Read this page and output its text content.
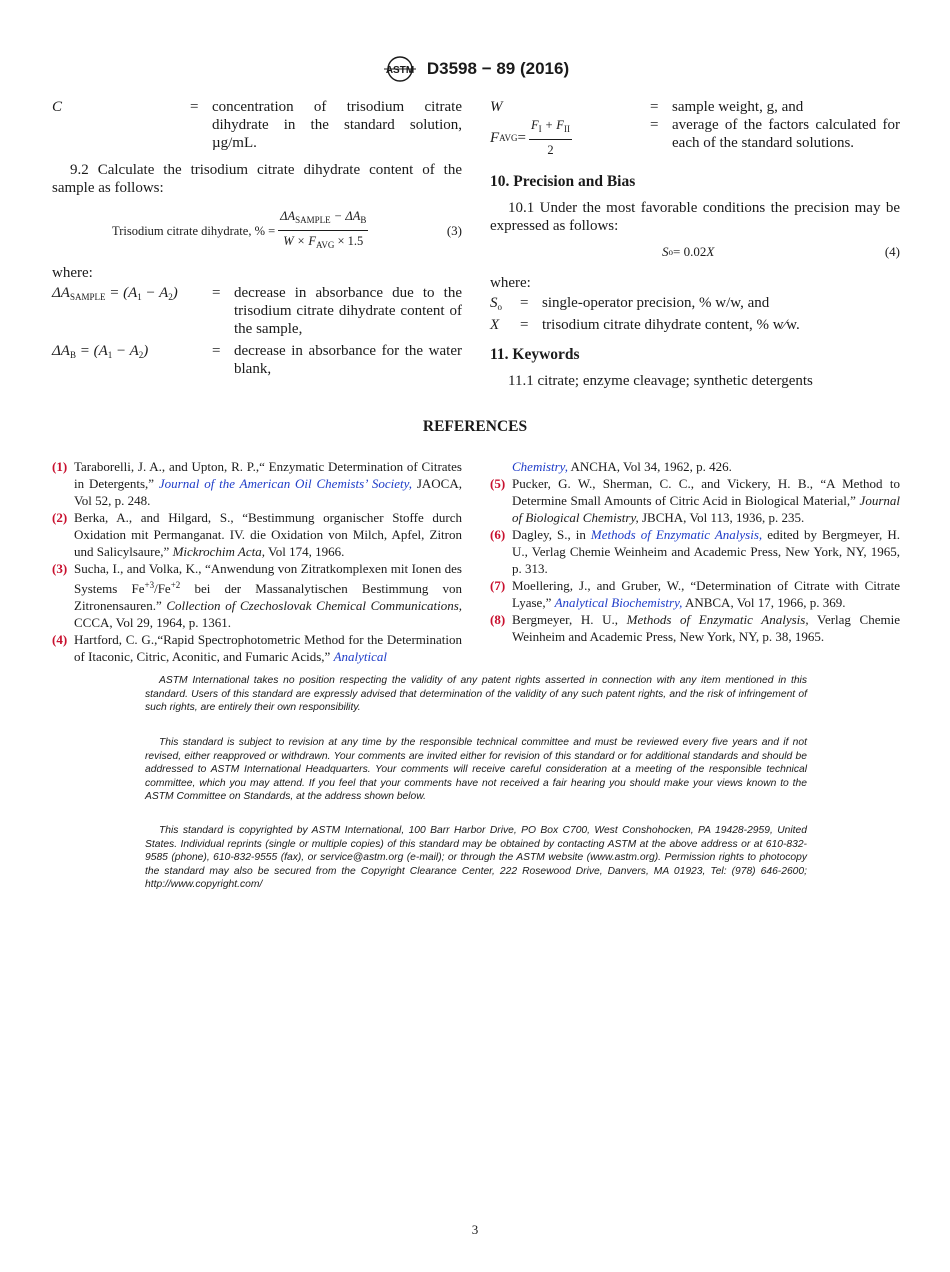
ASTM D3598 − 89 (2016)
C	= concentration of trisodium citrate dihydrate in the standard solution, µg/mL.
9.2 Calculate the trisodium citrate dihydrate content of the sample as follows:
Trisodium citrate dihydrate, % = $\frac{\Delta A_{SAMPLE} - \Delta A_B}{W \times F_{AVG} \times 1.5}$	(3)
where:
$\Delta A_{SAMPLE} = (A_1 - A_2)$	= decrease in absorbance due to the trisodium citrate dihydrate content of the sample,
$\Delta A_B = (A_1 - A_2)$	= decrease in absorbance for the water blank,
W	= sample weight, g, and
F AVG = $\frac{F_I + F_{II}}{2}$	= average of the factors calculated for each of the standard solutions.
10. Precision and Bias
10.1 Under the most favorable conditions the precision may be expressed as follows:
S o = 0.02 X	(4)
where:
$S_o$	= single-operator precision, % w/w, and
X	= trisodium citrate dihydrate content, % w⁄w.
11. Keywords
11.1 citrate; enzyme cleavage; synthetic detergents
REFERENCES
(1) Taraborelli, J. A., and Upton, R. P.,“ Enzymatic Determination of Citrates in Detergents,” Journal of the American Oil Chemists’ Society, JAOCA, Vol 52, p. 248.
(2) Berka, A., and Hilgard, S., “Bestimmung organischer Stoffe durch Oxidation mit Permanganat. IV. die Oxidation von Milch, Apfel, Zitron und Salicylsaure,” Mickrochim Acta, Vol 174, 1966.
(3) Sucha, I., and Volka, K., “Anwendung von Zitratkomplexen mit Ionen des Systems $Fe^{+3}/Fe^{+2}$ bei der Massanalytischen Bestimmung von Zitronensauren.” Collection of Czechoslovak Chemical Communications, CCCA, Vol 29, 1964, p. 1361.
(4) Hartford, C. G.,“Rapid Spectrophotometric Method for the Determination of Itaconic, Citric, Aconitic, and Fumaric Acids,” Analytical
Chemistry, ANCHA, Vol 34, 1962, p. 426.
(5) Pucker, G. W., Sherman, C. C., and Vickery, H. B., “A Method to Determine Small Amounts of Citric Acid in Biological Material,” Journal of Biological Chemistry, JBCHA, Vol 113, 1936, p. 235.
(6) Dagley, S., in Methods of Enzymatic Analysis, edited by Bergmeyer, H. U., Verlag Chemie Weinheim and Academic Press, New York, NY, 1965, p. 313.
(7) Moellering, J., and Gruber, W., “Determination of Citrate with Citrate Lyase,” Analytical Biochemistry, ANBCA, Vol 17, 1966, p. 369.
(8) Bergmeyer, H. U., Methods of Enzymatic Analysis, Verlag Chemie Weinheim and Academic Press, New York, NY, p. 38, 1965.
ASTM International takes no position respecting the validity of any patent rights asserted in connection with any item mentioned in this standard. Users of this standard are expressly advised that determination of the validity of any such patent rights, and the risk of infringement of such rights, are entirely their own responsibility.
This standard is subject to revision at any time by the responsible technical committee and must be reviewed every five years and if not revised, either reapproved or withdrawn. Your comments are invited either for revision of this standard or for additional standards and should be addressed to ASTM International Headquarters. Your comments will receive careful consideration at a meeting of the responsible technical committee, which you may attend. If you feel that your comments have not received a fair hearing you should make your views known to the ASTM Committee on Standards, at the address shown below.
This standard is copyrighted by ASTM International, 100 Barr Harbor Drive, PO Box C700, West Conshohocken, PA 19428-2959, United States. Individual reprints (single or multiple copies) of this standard may be obtained by contacting ASTM at the above address or at 610-832-9585 (phone), 610-832-9555 (fax), or service@astm.org (e-mail); or through the ASTM website (www.astm.org). Permission rights to photocopy the standard may also be secured from the Copyright Clearance Center, 222 Rosewood Drive, Danvers, MA 01923, Tel: (978) 646-2600; http://www.copyright.com/
3
